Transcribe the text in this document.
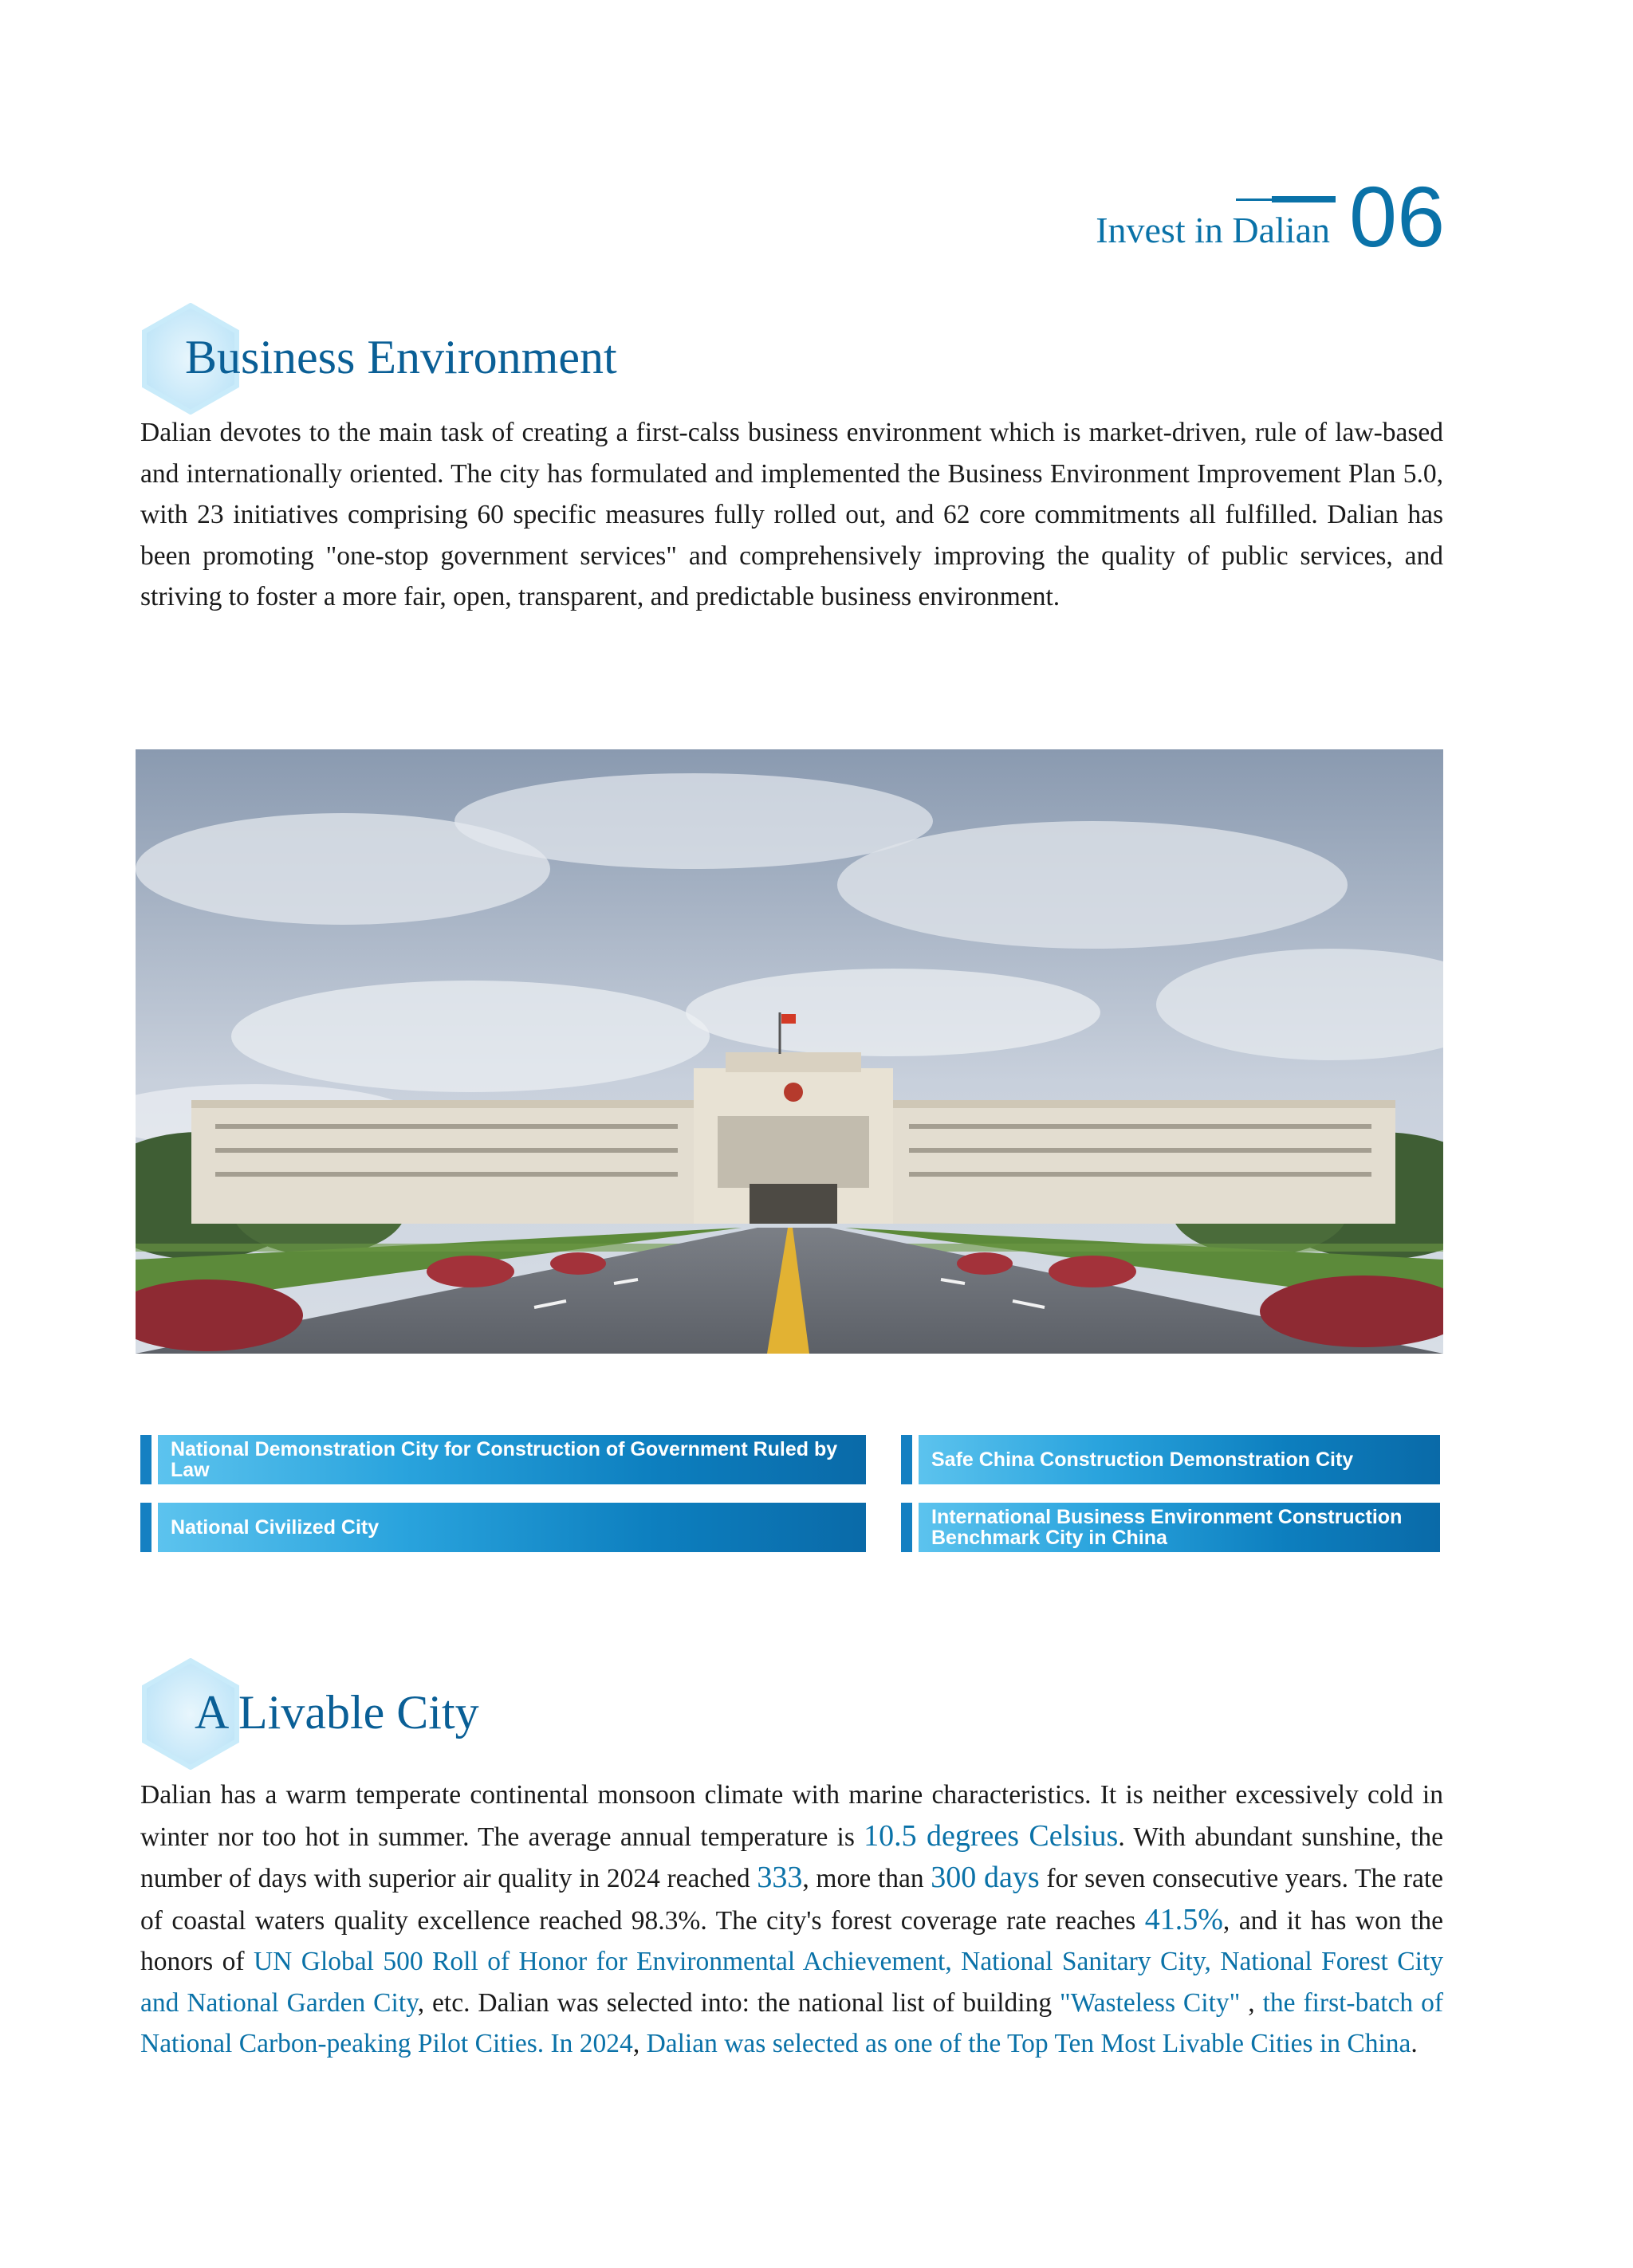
Invest in Dalian 06
Business Environment
Dalian devotes to the main task of creating a first-calss business environment which is market-driven, rule of law-based and internationally oriented. The city has formulated and implemented the Business Environment Improvement Plan 5.0, with 23 initiatives comprising 60 specific measures fully rolled out, and 62 core commitments all fulfilled. Dalian has been promoting "one-stop government services" and comprehensively improving the quality of public services, and striving to foster a more fair, open, transparent, and predictable business environment.
National Demonstration City for Construction of Government Ruled by Law	Safe China Construction Demonstration City
National Civilized City	International Business Environment Construction Benchmark City in China
A Livable City
Dalian has a warm temperate continental monsoon climate with marine characteristics. It is neither excessively cold in winter nor too hot in summer. The average annual temperature is 10.5 degrees Celsius. With abundant sunshine, the number of days with superior air quality in 2024 reached 333, more than 300 days for seven consecutive years. The rate of coastal waters quality excellence reached 98.3%. The city's forest coverage rate reaches 41.5%, and it has won the honors of UN Global 500 Roll of Honor for Environmental Achievement, National Sanitary City, National Forest City and National Garden City, etc. Dalian was selected into: the national list of building "Wasteless City" , the first-batch of National Carbon-peaking Pilot Cities. In 2024, Dalian was selected as one of the Top Ten Most Livable Cities in China.
